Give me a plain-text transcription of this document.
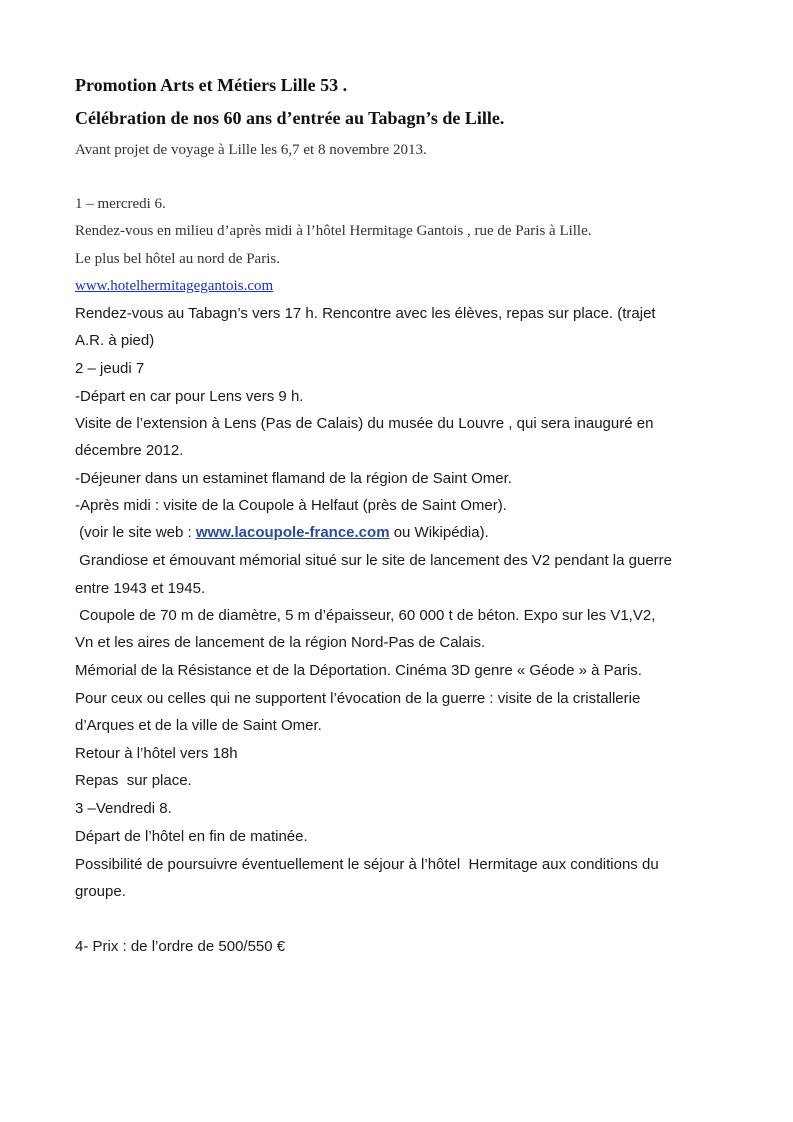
Promotion Arts et Métiers Lille 53 .
Célébration de nos 60 ans d’entrée au Tabagn’s de Lille.
Avant projet de voyage à Lille les 6,7 et 8 novembre 2013.
1 – mercredi 6.
Rendez-vous en milieu d’après midi à l’hôtel Hermitage Gantois , rue de Paris à Lille.
Le plus bel hôtel au nord de Paris.
www.hotelhermitagegantois.com
Rendez-vous au Tabagn’s vers 17 h. Rencontre avec les élèves, repas sur place. (trajet
A.R. à pied)
2 – jeudi 7
-Départ en car pour Lens vers 9 h.
Visite de l’extension à Lens (Pas de Calais) du musée du Louvre , qui sera inauguré en
décembre 2012.
-Déjeuner dans un estaminet flamand de la région de Saint Omer.
-Après midi : visite de la Coupole à Helfaut (près de Saint Omer).
(voir le site web : www.lacoupole-france.com ou Wikipédia).
Grandiose et émouvant mémorial situé sur le site de lancement des V2 pendant la guerre
entre 1943 et 1945.
Coupole de 70 m de diamètre, 5 m d’épaisseur, 60 000 t de béton. Expo sur les V1,V2,
Vn et les aires de lancement de la région Nord-Pas de Calais.
Mémorial de la Résistance et de la Déportation. Cinéma 3D genre « Géode » à Paris.
Pour ceux ou celles qui ne supportent l’évocation de la guerre : visite de la cristallerie
d’Arques et de la ville de Saint Omer.
Retour à l’hôtel vers 18h
Repas  sur place.
3 –Vendredi 8.
Départ de l’hôtel en fin de matinée.
Possibilité de poursuivre éventuellement le séjour à l’hôtel  Hermitage aux conditions du
groupe.
4- Prix : de l’ordre de 500/550 €
